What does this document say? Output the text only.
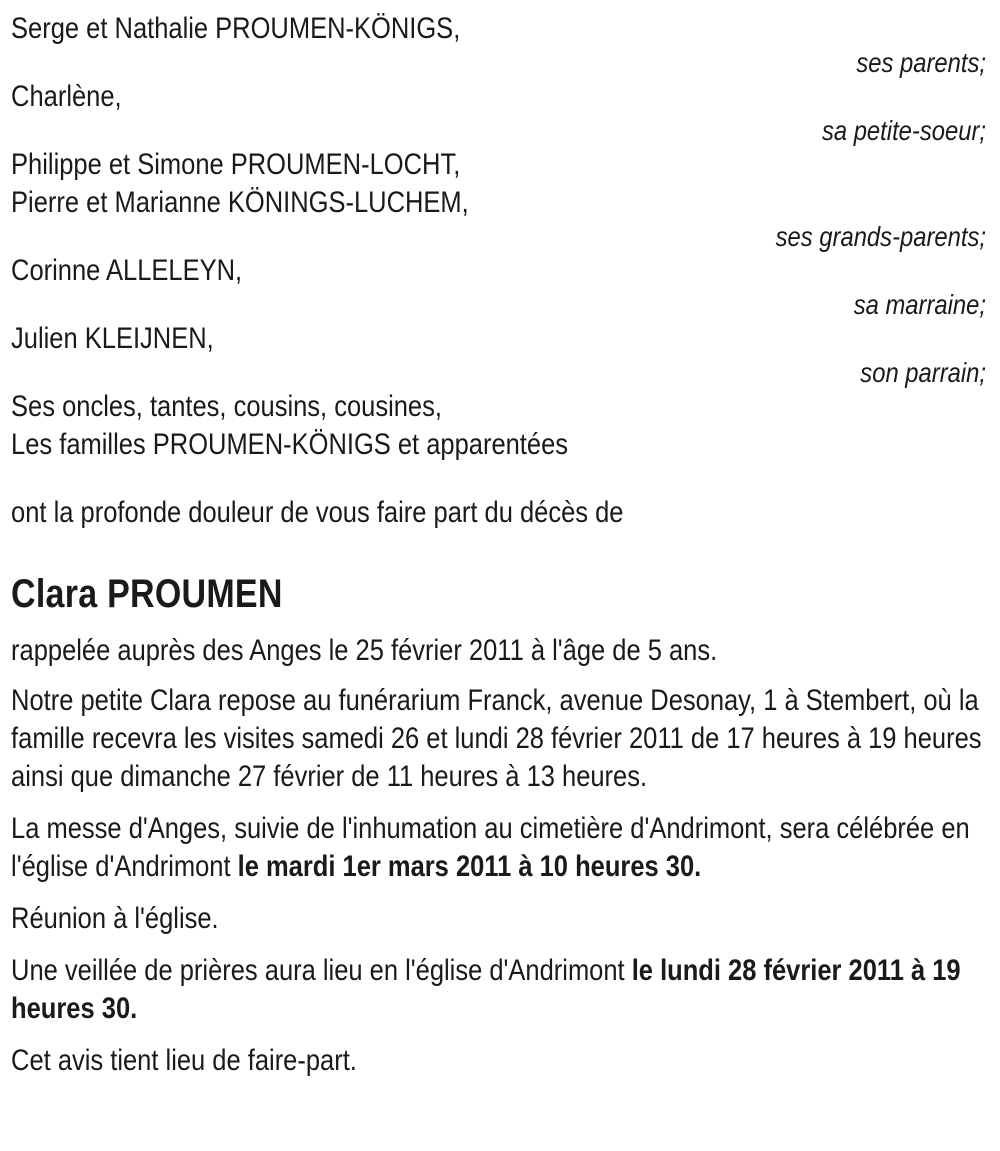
Serge et Nathalie PROUMEN-KÖNIGS,
ses parents;
Charlène,
sa petite-soeur;
Philippe et Simone PROUMEN-LOCHT,
Pierre et Marianne KÖNINGS-LUCHEM,
ses grands-parents;
Corinne ALLELEYN,
sa marraine;
Julien KLEIJNEN,
son parrain;
Ses oncles, tantes, cousins, cousines,
Les familles PROUMEN-KÖNIGS et apparentées

ont la profonde douleur de vous faire part du décès de

Clara PROUMEN

rappelée auprès des Anges le 25 février 2011 à l'âge de 5 ans.

Notre petite Clara repose au funérarium Franck, avenue Desonay, 1 à Stembert, où la famille recevra les visites samedi 26 et lundi 28 février 2011 de 17 heures à 19 heures ainsi que dimanche 27 février de 11 heures à 13 heures.

La messe d'Anges, suivie de l'inhumation au cimetière d'Andrimont, sera célébrée en l'église d'Andrimont le mardi 1er mars 2011 à 10 heures 30.

Réunion à l'église.

Une veillée de prières aura lieu en l'église d'Andrimont le lundi 28 février 2011 à 19 heures 30.

Cet avis tient lieu de faire-part.
